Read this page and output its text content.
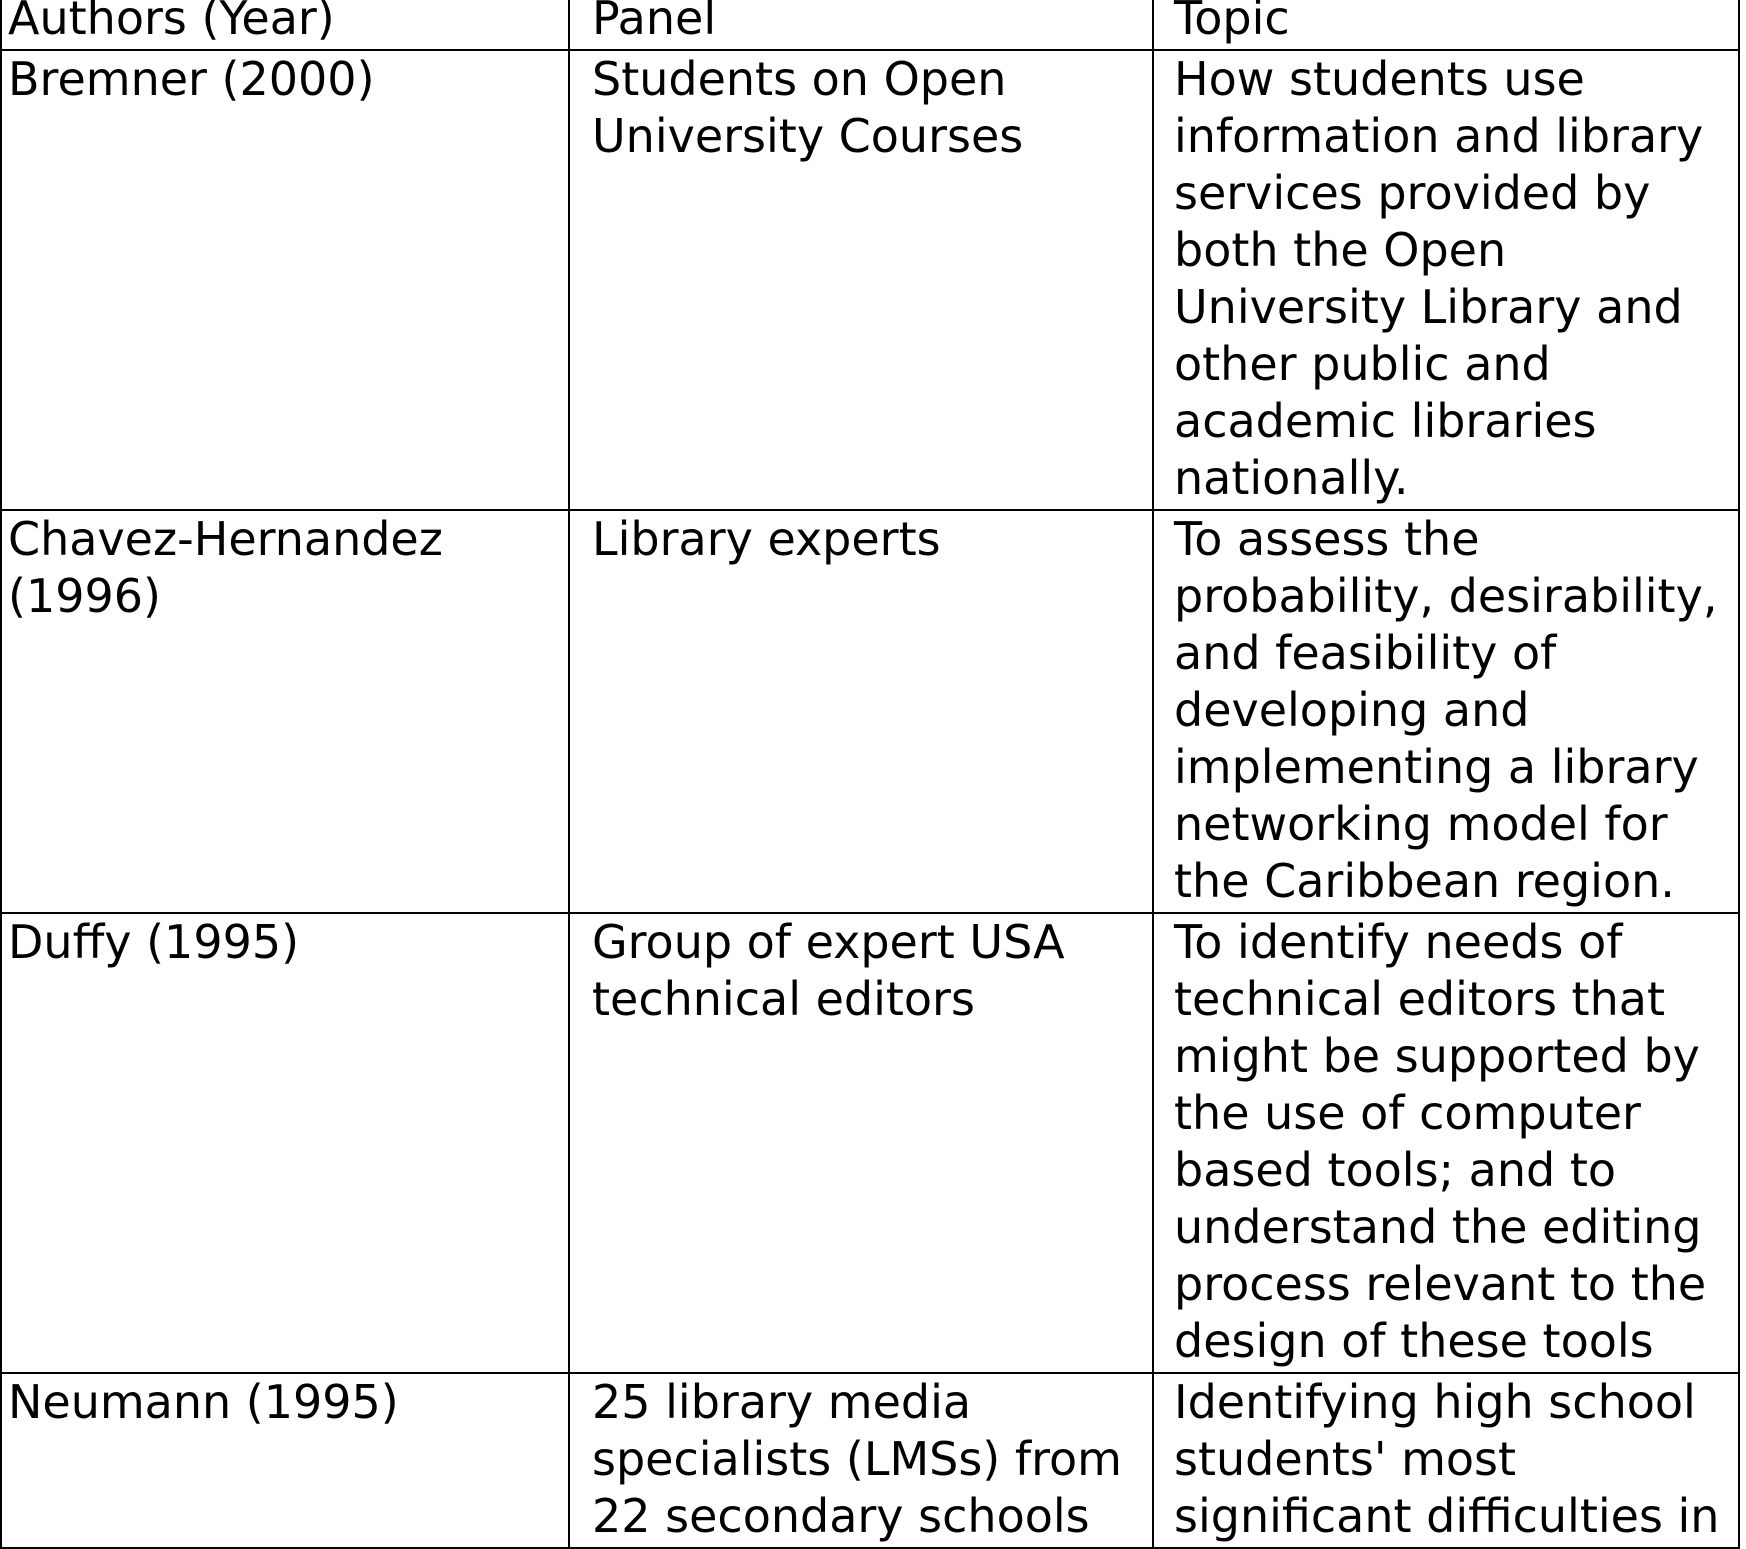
Authors (Year)	Panel	Topic
Bremner (2000)	Students on Open University Courses	How students use information and library services provided by both the Open University Library and other public and academic libraries nationally.
Chavez-Hernandez (1996)	Library experts	To assess the probability, desirability, and feasibility of developing and implementing a library networking model for the Caribbean region.
Duffy (1995)	Group of expert USA technical editors	To identify needs of technical editors that might be supported by the use of computer based tools; and to understand the editing process relevant to the design of these tools
Neumann (1995)	25 library media specialists (LMSs) from 22 secondary schools	Identifying high school students' most significant difficulties in
